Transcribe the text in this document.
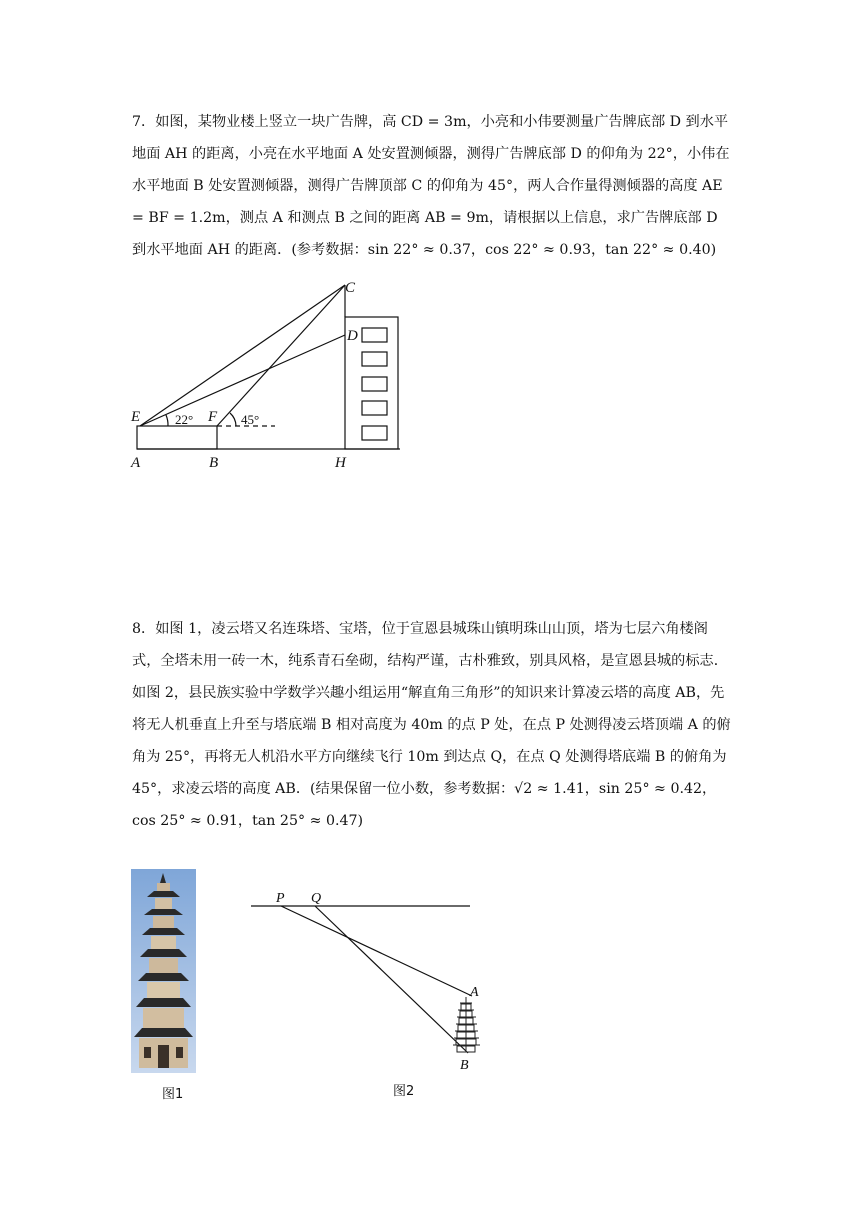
7．如图，某物业楼上竖立一块广告牌，高 CD = 3m，小亮和小伟要测量广告牌底部 D 到水平地面 AH 的距离，小亮在水平地面 A 处安置测倾器，测得广告牌底部 D 的仰角为 22°，小伟在水平地面 B 处安置测倾器，测得广告牌顶部 C 的仰角为 45°，两人合作量得测倾器的高度 AE = BF = 1.2m，测点 A 和测点 B 之间的距离 AB = 9m，请根据以上信息，求广告牌底部 D 到水平地面 AH 的距离．(参考数据：sin 22° ≈ 0.37，cos 22° ≈ 0.93，tan 22° ≈ 0.40)

C
D
E	F
A	B	H
22°	45°

8．如图 1，凌云塔又名连珠塔、宝塔，位于宣恩县城珠山镇明珠山山顶，塔为七层六角楼阁式，全塔未用一砖一木，纯系青石垒砌，结构严谨，古朴雅致，别具风格，是宣恩县城的标志．如图 2，县民族实验中学数学兴趣小组运用“解直角三角形”的知识来计算凌云塔的高度 AB，先将无人机垂直上升至与塔底端 B 相对高度为 40m 的点 P 处，在点 P 处测得凌云塔顶端 A 的俯角为 25°，再将无人机沿水平方向继续飞行 10m 到达点 Q，在点 Q 处测得塔底端 B 的俯角为 45°，求凌云塔的高度 AB．(结果保留一位小数，参考数据：√2 ≈ 1.41，sin 25° ≈ 0.42，cos 25° ≈ 0.91，tan 25° ≈ 0.47)

图1
P Q
A
B
图2
